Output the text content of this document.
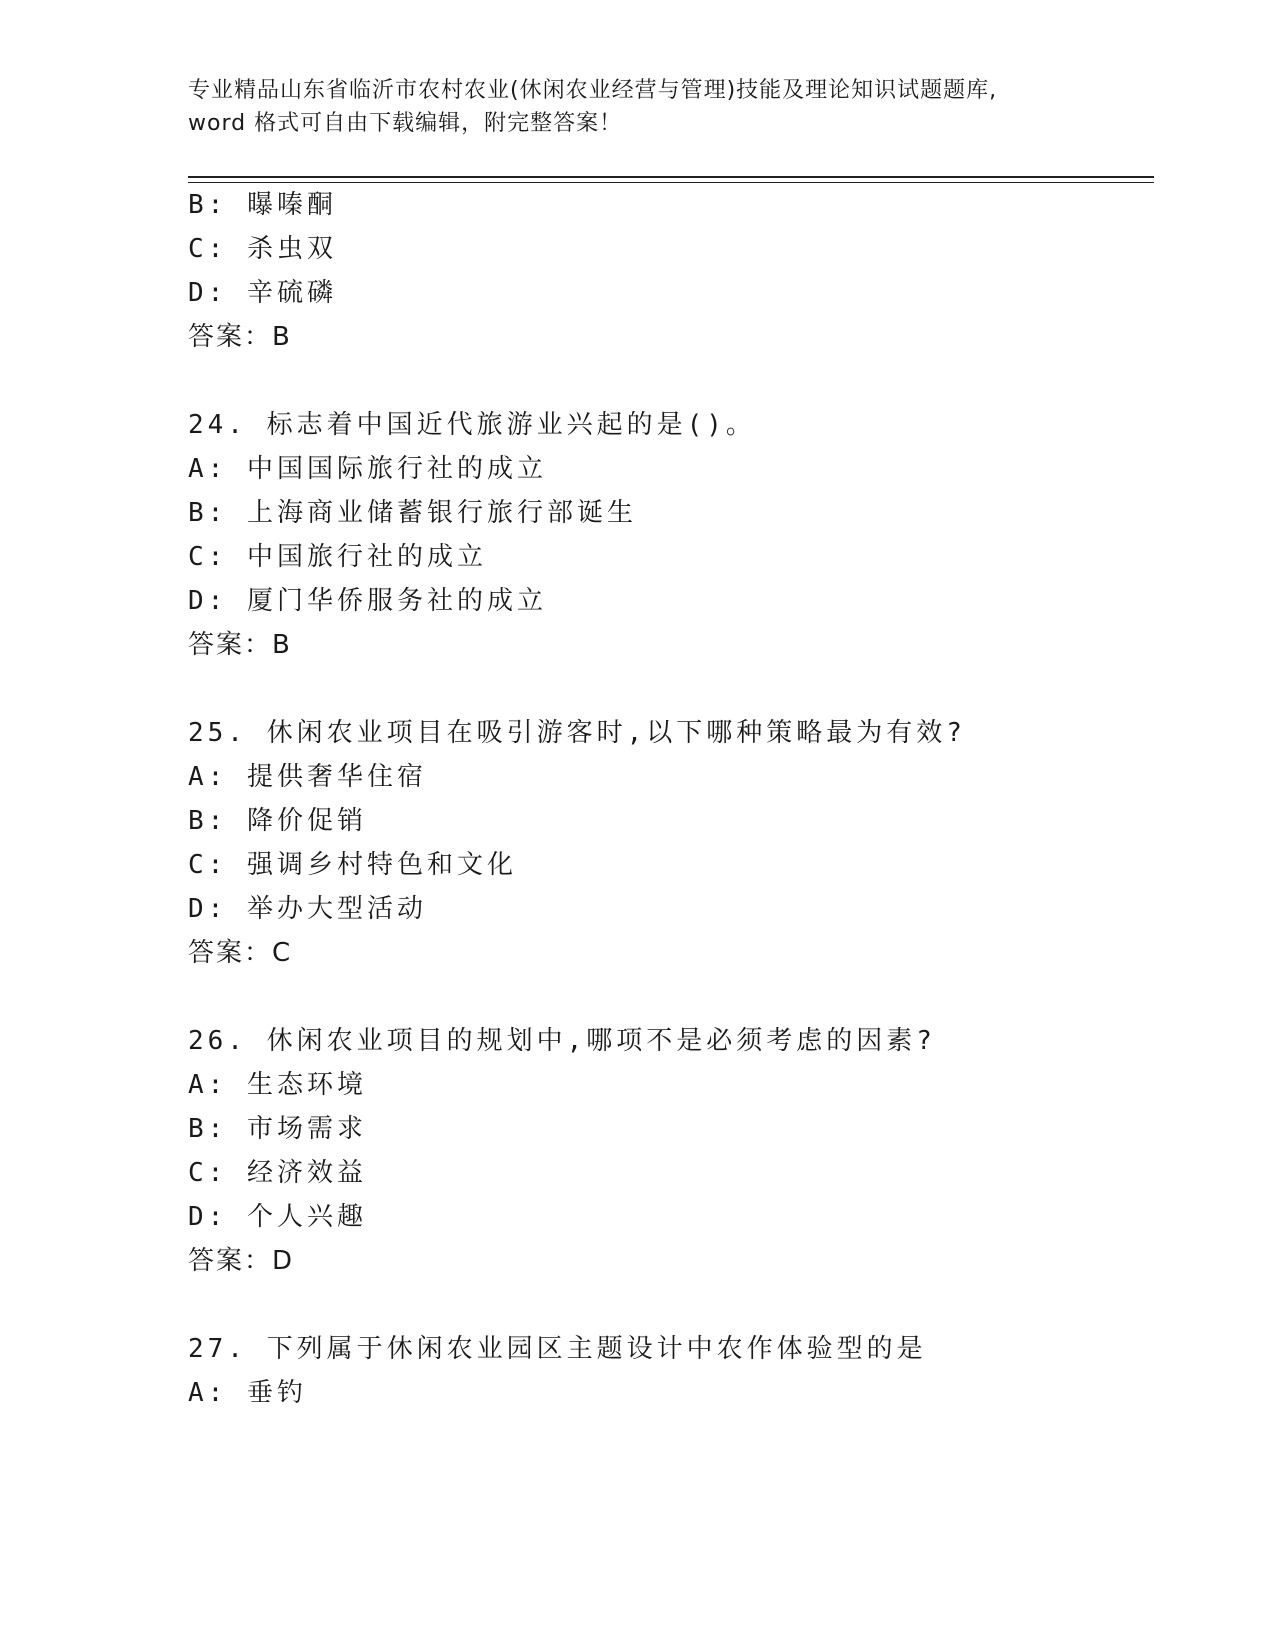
专业精品山东省临沂市农村农业(休闲农业经营与管理)技能及理论知识试题题库,
word 格式可自由下载编辑，附完整答案！
B: 曝嗪酮
C: 杀虫双
D: 辛硫磷
答案：B
24. 标志着中国近代旅游业兴起的是()。
A: 中国国际旅行社的成立
B: 上海商业储蓄银行旅行部诞生
C: 中国旅行社的成立
D: 厦门华侨服务社的成立
答案：B
25. 休闲农业项目在吸引游客时,以下哪种策略最为有效?
A: 提供奢华住宿
B: 降价促销
C: 强调乡村特色和文化
D: 举办大型活动
答案：C
26. 休闲农业项目的规划中,哪项不是必须考虑的因素?
A: 生态环境
B: 市场需求
C: 经济效益
D: 个人兴趣
答案：D
27. 下列属于休闲农业园区主题设计中农作体验型的是
A: 垂钓
